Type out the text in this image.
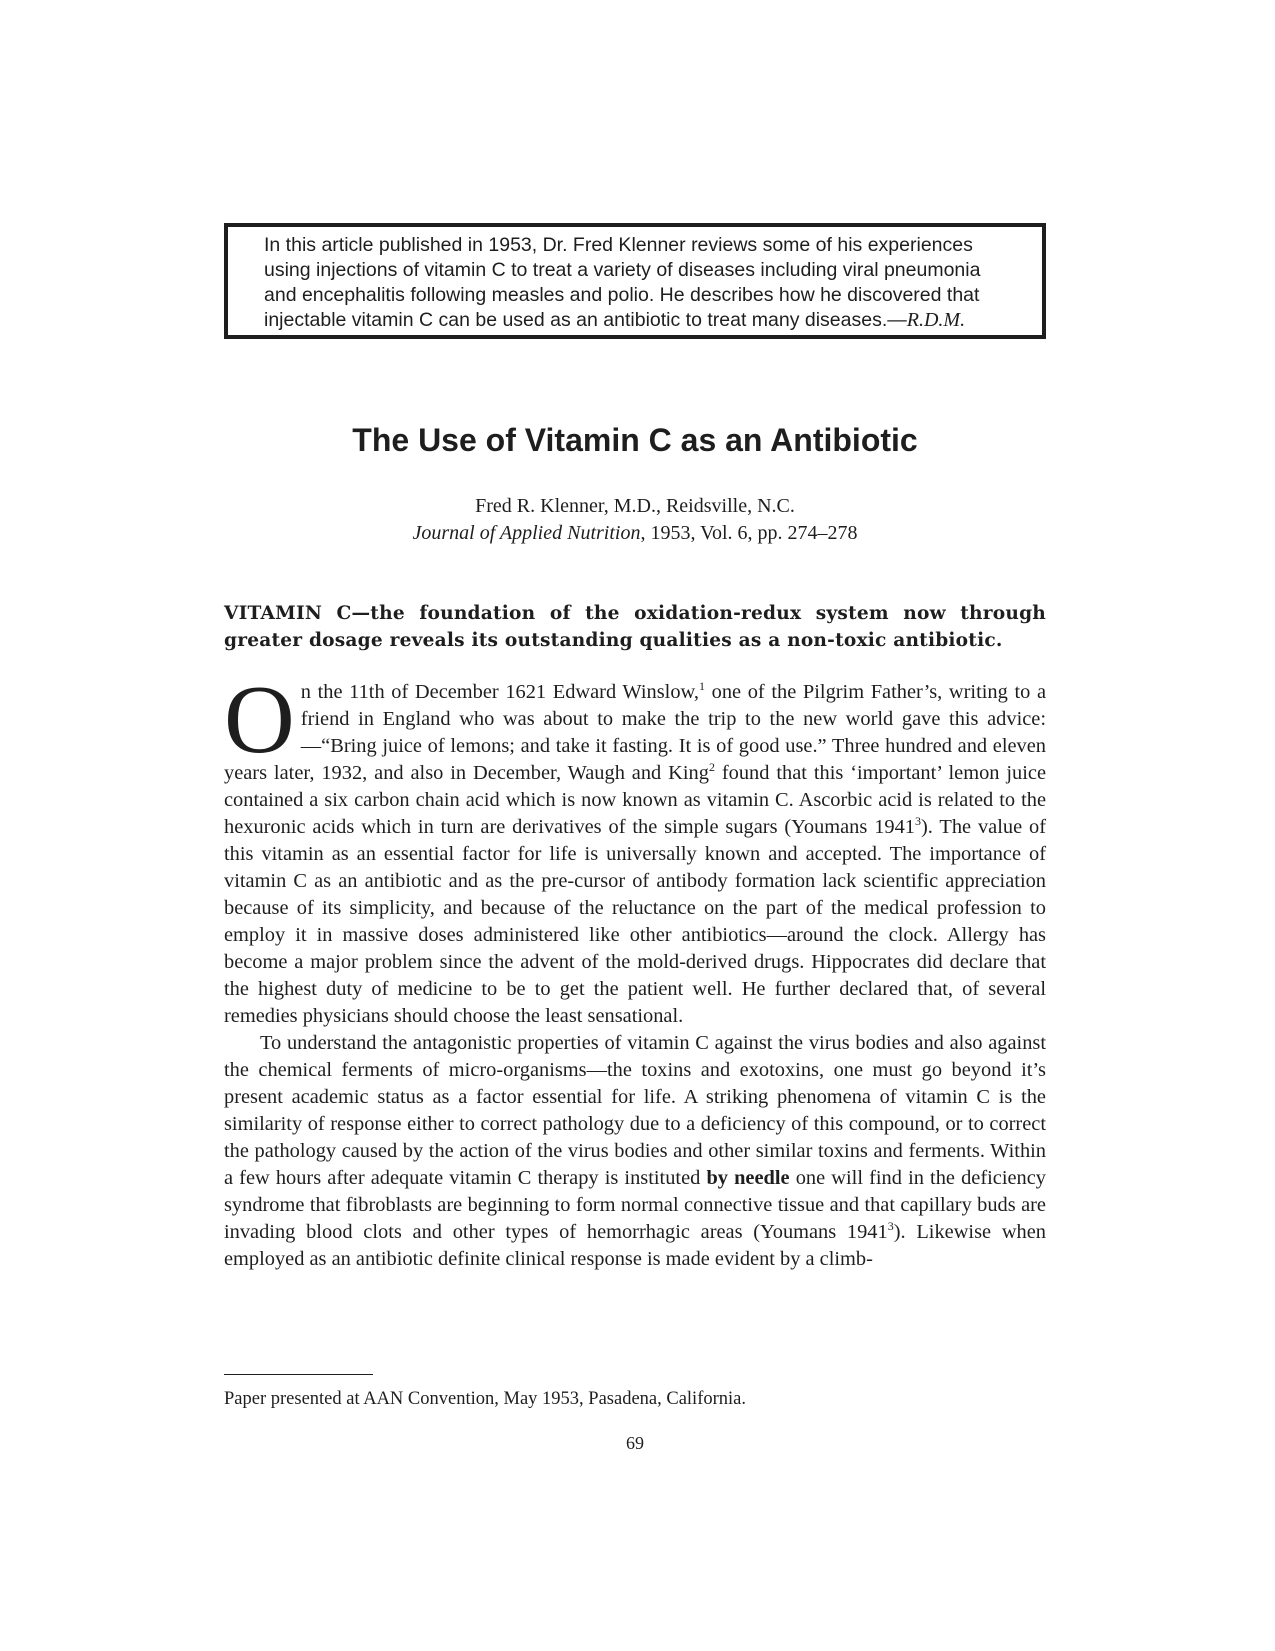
In this article published in 1953, Dr. Fred Klenner reviews some of his experiences
using injections of vitamin C to treat a variety of diseases including viral pneumonia
and encephalitis following measles and polio. He describes how he discovered that
injectable vitamin C can be used as an antibiotic to treat many diseases.—R.D.M.
The Use of Vitamin C as an Antibiotic
Fred R. Klenner, M.D., Reidsville, N.C.
Journal of Applied Nutrition, 1953, Vol. 6, pp. 274–278
VITAMIN C—the foundation of the oxidation-redux system now through greater dosage reveals its outstanding qualities as a non-toxic antibiotic.

On the 11th of December 1621 Edward Winslow,$^1$ one of the Pilgrim Father’s, writing to a friend in England who was about to make the trip to the new world gave this advice:—“Bring juice of lemons; and take it fasting. It is of good use.” Three hundred and eleven years later, 1932, and also in December, Waugh and King$^2$ found that this ‘important’ lemon juice contained a six carbon chain acid which is now known as vitamin C. Ascorbic acid is related to the hexuronic acids which in turn are derivatives of the simple sugars (Youmans 1941$^3$). The value of this vitamin as an essential factor for life is universally known and accepted. The importance of vitamin C as an antibiotic and as the pre-cursor of antibody formation lack scientific appreciation because of its simplicity, and because of the reluctance on the part of the medical profession to employ it in massive doses administered like other antibiotics—around the clock. Allergy has become a major problem since the advent of the mold-derived drugs. Hippocrates did declare that the highest duty of medicine to be to get the patient well. He further declared that, of several remedies physicians should choose the least sensational.

To understand the antagonistic properties of vitamin C against the virus bodies and also against the chemical ferments of micro-organisms—the toxins and exotoxins, one must go beyond it’s present academic status as a factor essential for life. A striking phenomena of vitamin C is the similarity of response either to correct pathology due to a deficiency of this compound, or to correct the pathology caused by the action of the virus bodies and other similar toxins and ferments. Within a few hours after adequate vitamin C therapy is instituted by needle one will find in the deficiency syndrome that fibroblasts are beginning to form normal connective tissue and that capillary buds are invading blood clots and other types of hemorrhagic areas (Youmans 1941$^3$). Likewise when employed as an antibiotic definite clinical response is made evident by a climb-

Paper presented at AAN Convention, May 1953, Pasadena, California.
69
